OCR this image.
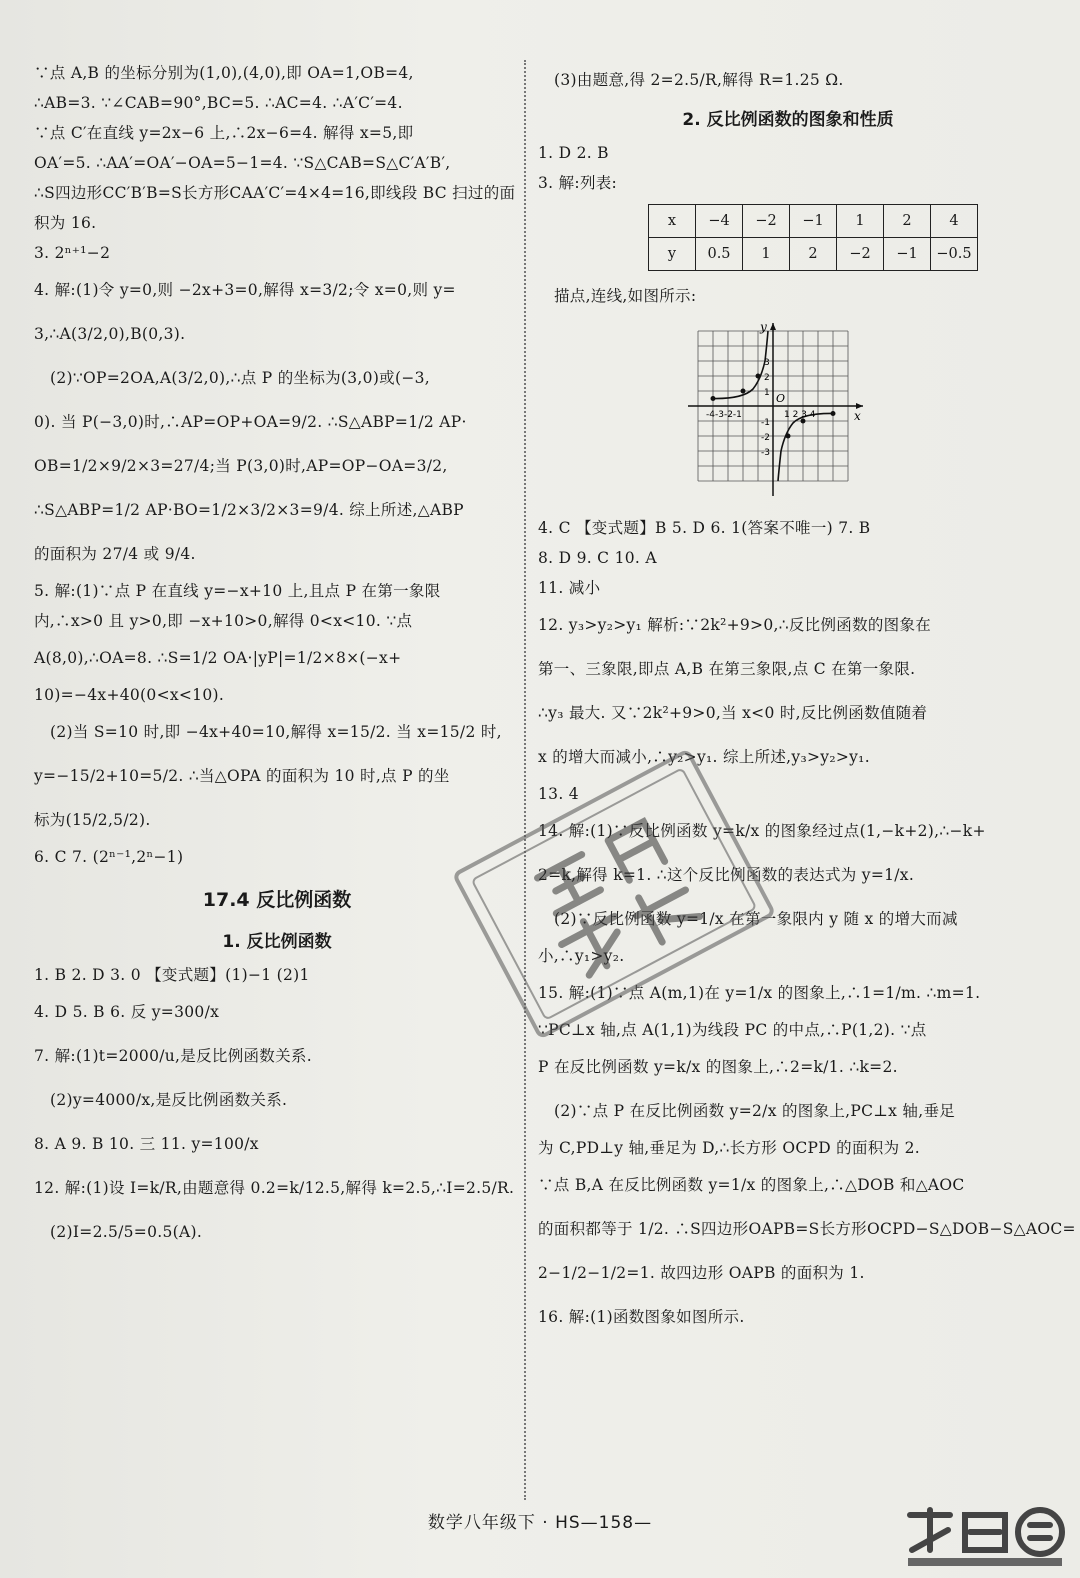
∵点 A,B 的坐标分别为(1,0),(4,0),即 OA=1,OB=4,

∴AB=3. ∵∠CAB=90°,BC=5. ∴AC=4. ∴A′C′=4.

∵点 C′在直线 y=2x−6 上,∴2x−6=4. 解得 x=5,即

OA′=5. ∴AA′=OA′−OA=5−1=4. ∵S△CAB=S△C′A′B′,

∴S四边形CC′B′B=S长方形CAA′C′=4×4=16,即线段 BC 扫过的面

积为 16.

3. 2ⁿ⁺¹−2

4. 解:(1)令 y=0,则 −2x+3=0,解得 x=3/2;令 x=0,则 y=

3,∴A(3/2,0),B(0,3).

(2)∵OP=2OA,A(3/2,0),∴点 P 的坐标为(3,0)或(−3,

0). 当 P(−3,0)时,∴AP=OP+OA=9/2. ∴S△ABP=1/2 AP·

OB=1/2×9/2×3=27/4;当 P(3,0)时,AP=OP−OA=3/2,

∴S△ABP=1/2 AP·BO=1/2×3/2×3=9/4. 综上所述,△ABP

的面积为 27/4 或 9/4.

5. 解:(1)∵点 P 在直线 y=−x+10 上,且点 P 在第一象限

内,∴x>0 且 y>0,即 −x+10>0,解得 0<x<10. ∵点

A(8,0),∴OA=8. ∴S=1/2 OA·|yP|=1/2×8×(−x+

10)=−4x+40(0<x<10).

(2)当 S=10 时,即 −4x+40=10,解得 x=15/2. 当 x=15/2 时,

y=−15/2+10=5/2. ∴当△OPA 的面积为 10 时,点 P 的坐

标为(15/2,5/2).

6. C 7. (2ⁿ⁻¹,2ⁿ−1)

17.4 反比例函数
1. 反比例函数

1. B 2. D 3. 0 【变式题】(1)−1 (2)1

4. D 5. B 6. 反 y=300/x

7. 解:(1)t=2000/u,是反比例函数关系.

(2)y=4000/x,是反比例函数关系.

8. A 9. B 10. 三 11. y=100/x

12. 解:(1)设 I=k/R,由题意得 0.2=k/12.5,解得 k=2.5,∴I=2.5/R.

(2)I=2.5/5=0.5(A).

(3)由题意,得 2=2.5/R,解得 R=1.25 Ω.

2. 反比例函数的图象和性质

1. D 2. B

3. 解:列表:

x	−4	−2	−1	1	2	4
y	0.5	1	2	−2	−1	−0.5

描点,连线,如图所示:

x
y
O
-4-3-2-1	1 2 3 4
3
2
1
-1
-2
-3

4. C 【变式题】B 5. D 6. 1(答案不唯一) 7. B

8. D 9. C 10. A

11. 减小

12. y₃>y₂>y₁ 解析:∵2k²+9>0,∴反比例函数的图象在

第一、三象限,即点 A,B 在第三象限,点 C 在第一象限.

∴y₃ 最大. 又∵2k²+9>0,当 x<0 时,反比例函数值随着

x 的增大而减小,∴y₂>y₁. 综上所述,y₃>y₂>y₁.

13. 4

14. 解:(1)∵反比例函数 y=k/x 的图象经过点(1,−k+2),∴−k+

2=k,解得 k=1. ∴这个反比例函数的表达式为 y=1/x.

(2)∵反比例函数 y=1/x 在第一象限内 y 随 x 的增大而减

小,∴y₁>y₂.

15. 解:(1)∵点 A(m,1)在 y=1/x 的图象上,∴1=1/m. ∴m=1.

∵PC⊥x 轴,点 A(1,1)为线段 PC 的中点,∴P(1,2). ∵点

P 在反比例函数 y=k/x 的图象上,∴2=k/1. ∴k=2.

(2)∵点 P 在反比例函数 y=2/x 的图象上,PC⊥x 轴,垂足

为 C,PD⊥y 轴,垂足为 D,∴长方形 OCPD 的面积为 2.

∵点 B,A 在反比例函数 y=1/x 的图象上,∴△DOB 和△AOC

的面积都等于 1/2. ∴S四边形OAPB=S长方形OCPD−S△DOB−S△AOC=

2−1/2−1/2=1. 故四边形 OAPB 的面积为 1.

16. 解:(1)函数图象如图所示.

数学八年级下 · HS—158—
